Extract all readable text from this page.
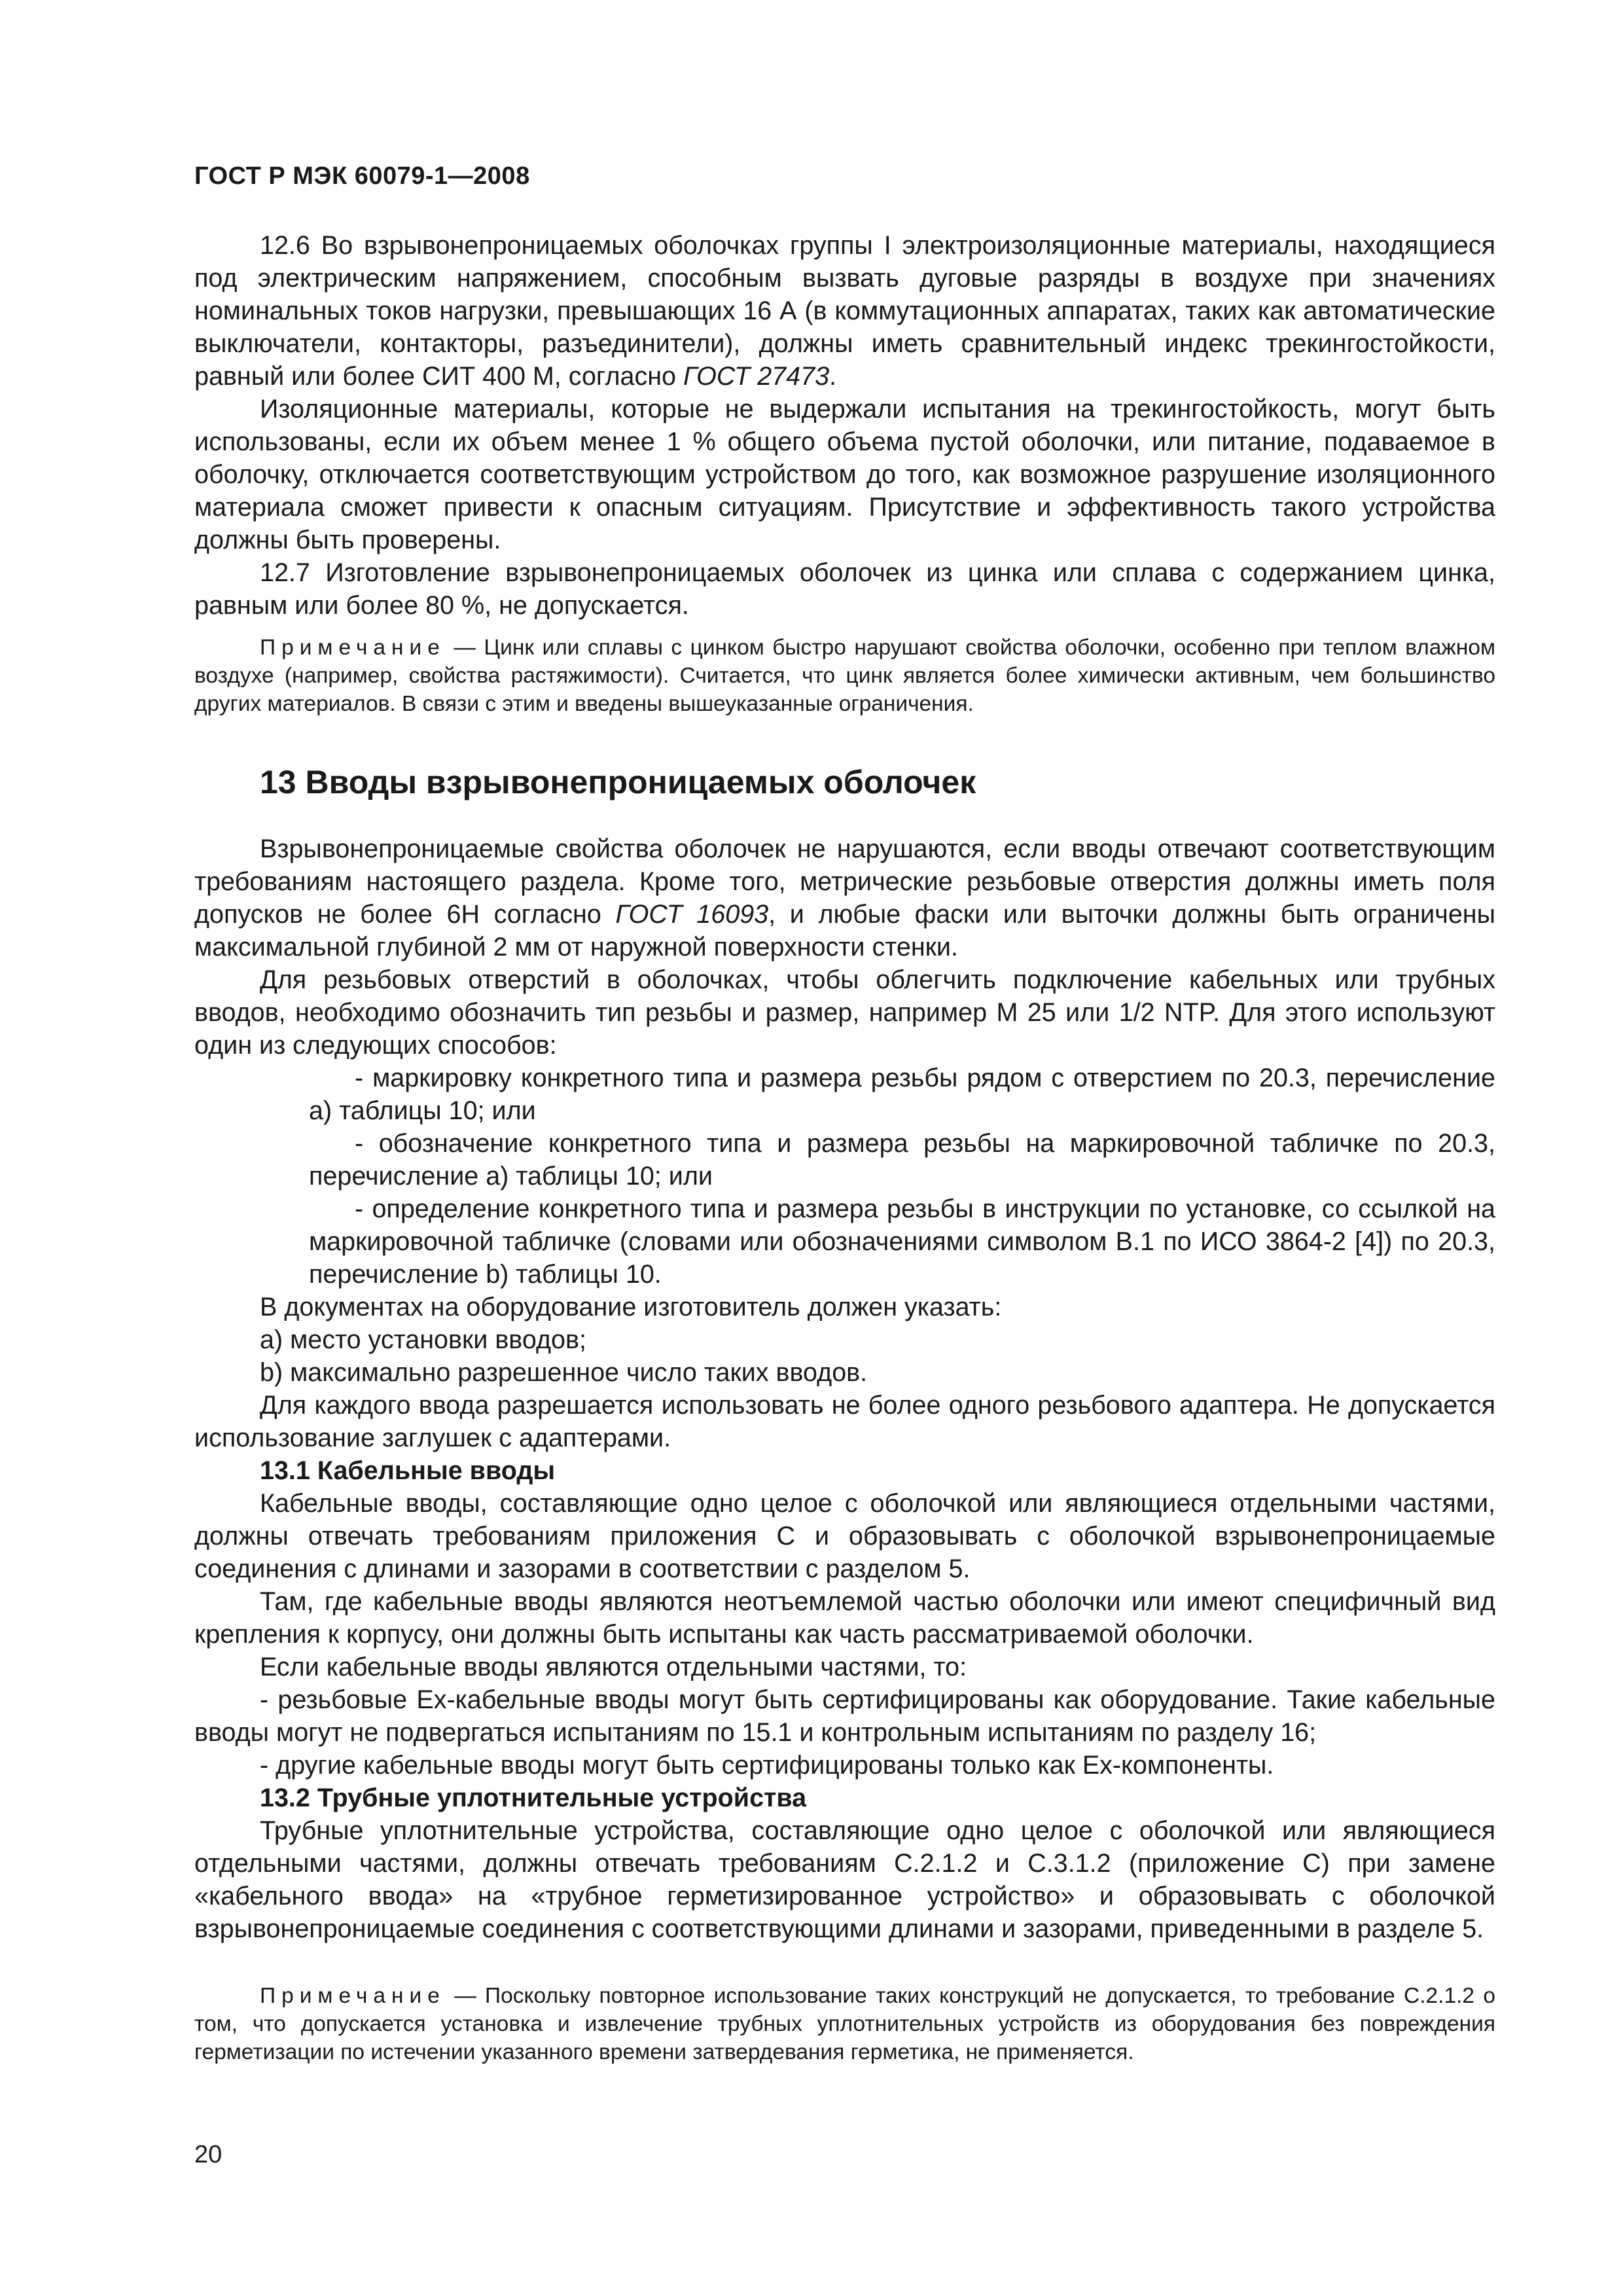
ГОСТ Р МЭК 60079-1—2008

12.6 Во взрывонепроницаемых оболочках группы I электроизоляционные материалы, находящиеся под электрическим напряжением, способным вызвать дуговые разряды в воздухе при значениях номинальных токов нагрузки, превышающих 16 А (в коммутационных аппаратах, таких как автоматические выключатели, контакторы, разъединители), должны иметь сравнительный индекс трекингостойкости, равный или более СИТ 400 М, согласно ГОСТ 27473.

Изоляционные материалы, которые не выдержали испытания на трекингостойкость, могут быть использованы, если их объем менее 1 % общего объема пустой оболочки, или питание, подаваемое в оболочку, отключается соответствующим устройством до того, как возможное разрушение изоляционного материала сможет привести к опасным ситуациям. Присутствие и эффективность такого устройства должны быть проверены.

12.7 Изготовление взрывонепроницаемых оболочек из цинка или сплава с содержанием цинка, равным или более 80 %, не допускается.

Примечание — Цинк или сплавы с цинком быстро нарушают свойства оболочки, особенно при теплом влажном воздухе (например, свойства растяжимости). Считается, что цинк является более химически активным, чем большинство других материалов. В связи с этим и введены вышеуказанные ограничения.

13 Вводы взрывонепроницаемых оболочек

Взрывонепроницаемые свойства оболочек не нарушаются, если вводы отвечают соответствующим требованиям настоящего раздела. Кроме того, метрические резьбовые отверстия должны иметь поля допусков не более 6Н согласно ГОСТ 16093, и любые фаски или выточки должны быть ограничены максимальной глубиной 2 мм от наружной поверхности стенки.

Для резьбовых отверстий в оболочках, чтобы облегчить подключение кабельных или трубных вводов, необходимо обозначить тип резьбы и размер, например М 25 или 1/2 NTP. Для этого используют один из следующих способов:

- маркировку конкретного типа и размера резьбы рядом с отверстием по 20.3, перечисление а) таблицы 10; или

- обозначение конкретного типа и размера резьбы на маркировочной табличке по 20.3, перечисление а) таблицы 10; или

- определение конкретного типа и размера резьбы в инструкции по установке, со ссылкой на маркировочной табличке (словами или обозначениями символом В.1 по ИСО 3864-2 [4]) по 20.3, перечисление b) таблицы 10.

В документах на оборудование изготовитель должен указать:

а) место установки вводов;

b) максимально разрешенное число таких вводов.

Для каждого ввода разрешается использовать не более одного резьбового адаптера. Не допускается использование заглушек с адаптерами.

13.1 Кабельные вводы

Кабельные вводы, составляющие одно целое с оболочкой или являющиеся отдельными частями, должны отвечать требованиям приложения С и образовывать с оболочкой взрывонепроницаемые соединения с длинами и зазорами в соответствии с разделом 5.

Там, где кабельные вводы являются неотъемлемой частью оболочки или имеют специфичный вид крепления к корпусу, они должны быть испытаны как часть рассматриваемой оболочки.

Если кабельные вводы являются отдельными частями, то:

- резьбовые Ех-кабельные вводы могут быть сертифицированы как оборудование. Такие кабельные вводы могут не подвергаться испытаниям по 15.1 и контрольным испытаниям по разделу 16;

- другие кабельные вводы могут быть сертифицированы только как Ех-компоненты.

13.2 Трубные уплотнительные устройства

Трубные уплотнительные устройства, составляющие одно целое с оболочкой или являющиеся отдельными частями, должны отвечать требованиям С.2.1.2 и С.3.1.2 (приложение С) при замене «кабельного ввода» на «трубное герметизированное устройство» и образовывать с оболочкой взрывонепроницаемые соединения с соответствующими длинами и зазорами, приведенными в разделе 5.

Примечание — Поскольку повторное использование таких конструкций не допускается, то требование С.2.1.2 о том, что допускается установка и извлечение трубных уплотнительных устройств из оборудования без повреждения герметизации по истечении указанного времени затвердевания герметика, не применяется.

20
